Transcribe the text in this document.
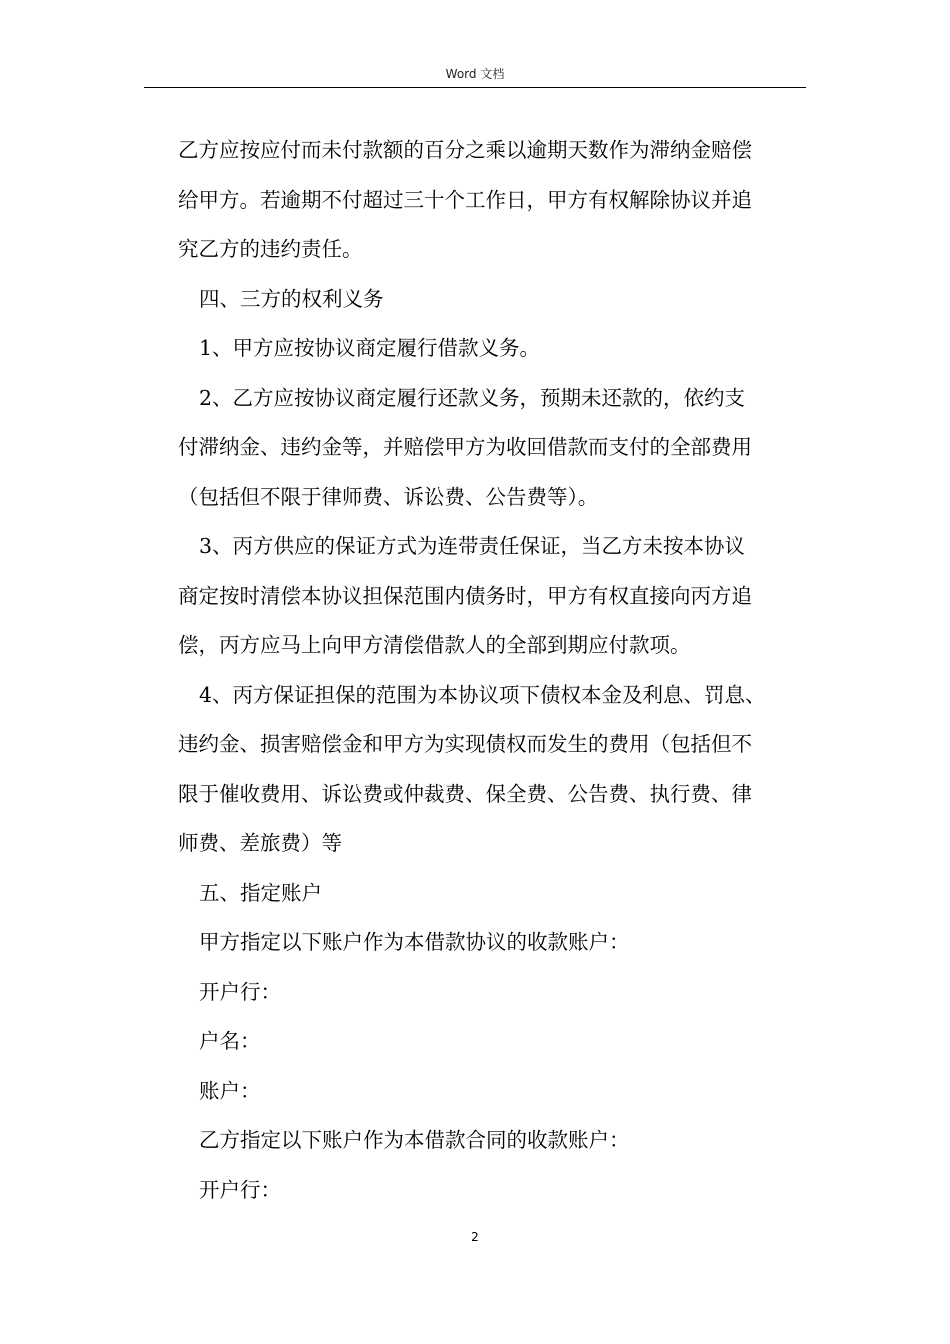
Word 文档
乙方应按应付而未付款额的百分之乘以逾期天数作为滞纳金赔偿
给甲方。若逾期不付超过三十个工作日，甲方有权解除协议并追
究乙方的违约责任。
四、三方的权利义务
1、甲方应按协议商定履行借款义务。
2、乙方应按协议商定履行还款义务，预期未还款的，依约支
付滞纳金、违约金等，并赔偿甲方为收回借款而支付的全部费用
（包括但不限于律师费、诉讼费、公告费等）。
3、丙方供应的保证方式为连带责任保证，当乙方未按本协议
商定按时清偿本协议担保范围内债务时，甲方有权直接向丙方追
偿，丙方应马上向甲方清偿借款人的全部到期应付款项。
4、丙方保证担保的范围为本协议项下债权本金及利息、罚息、
违约金、损害赔偿金和甲方为实现债权而发生的费用（包括但不
限于催收费用、诉讼费或仲裁费、保全费、公告费、执行费、律
师费、差旅费）等
五、指定账户
甲方指定以下账户作为本借款协议的收款账户：
开户行：
户名：
账户：
乙方指定以下账户作为本借款合同的收款账户：
开户行：
2
